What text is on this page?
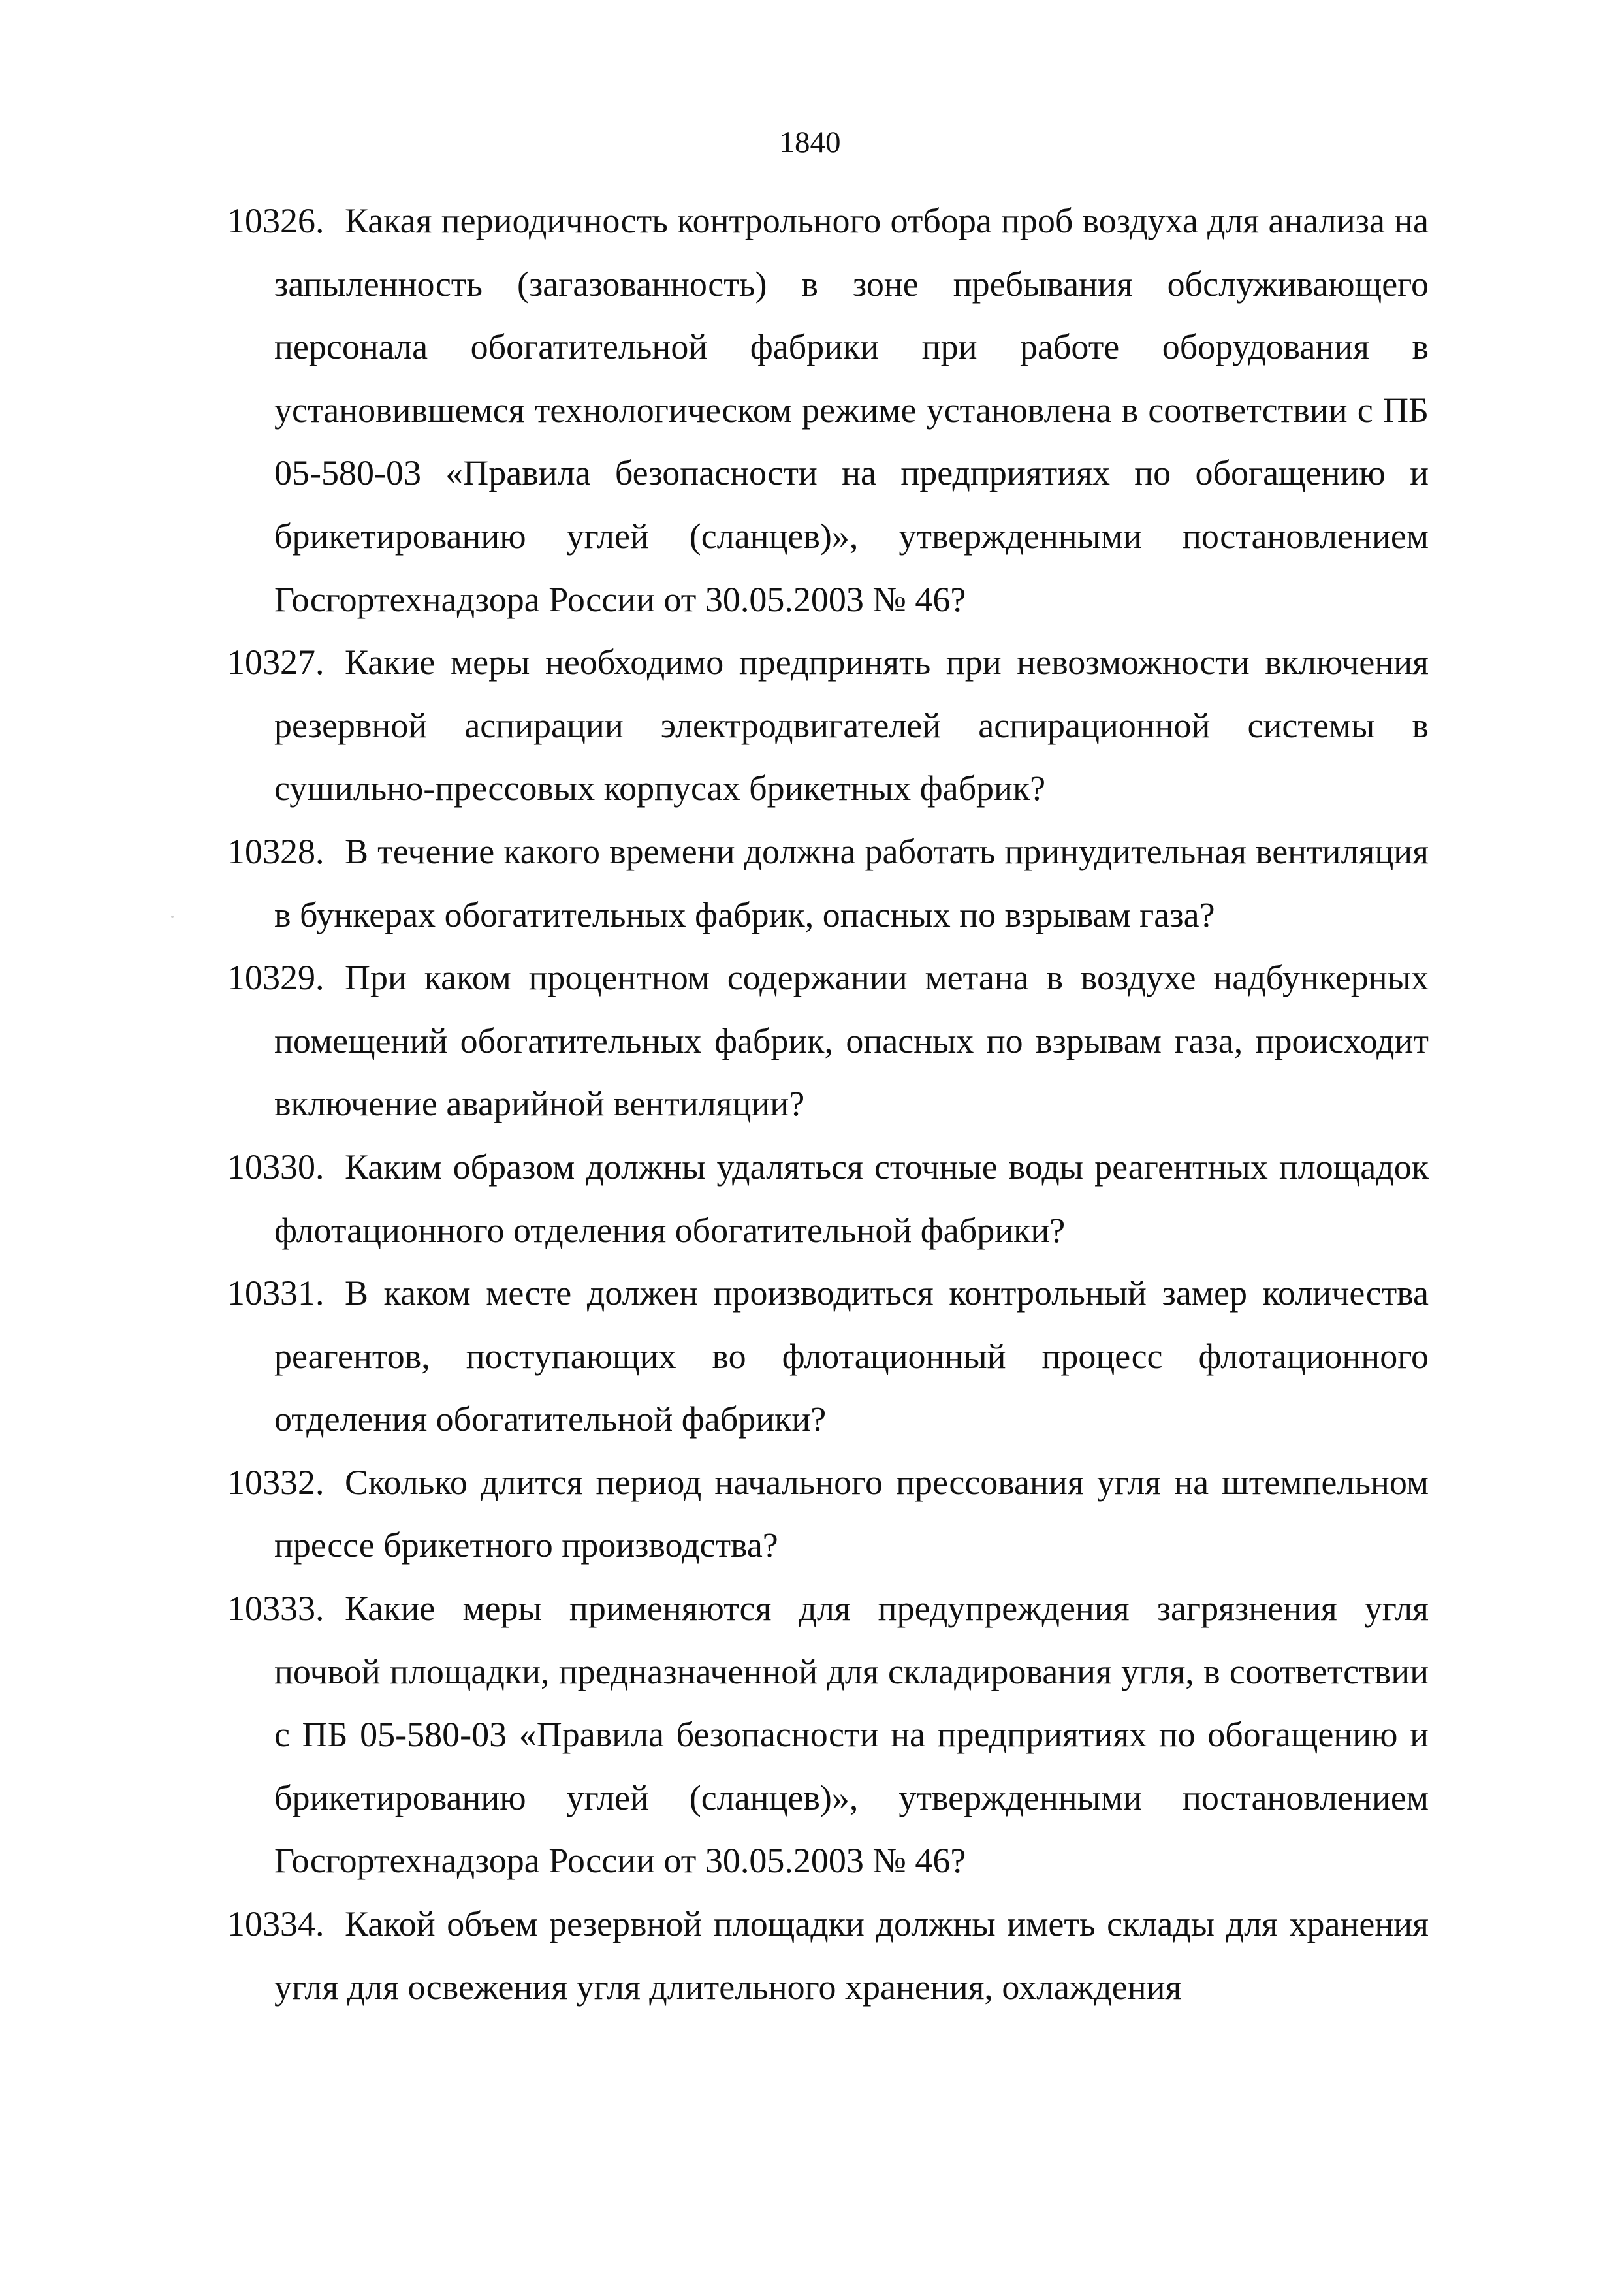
1840
10326. Какая периодичность контрольного отбора проб воздуха для анализа на запыленность (загазованность) в зоне пребывания обслуживающего персонала обогатительной фабрики при работе оборудования в установившемся технологическом режиме установлена в соответствии с ПБ 05-580-03 «Правила безопасности на предприятиях по обогащению и брикетированию углей (сланцев)», утвержденными постановлением Госгортехнадзора России от 30.05.2003 № 46?
10327. Какие меры необходимо предпринять при невозможности включения резервной аспирации электродвигателей аспирационной системы в сушильно-прессовых корпусах брикетных фабрик?
10328. В течение какого времени должна работать принудительная вентиляция в бункерах обогатительных фабрик, опасных по взрывам газа?
10329. При каком процентном содержании метана в воздухе надбункерных помещений обогатительных фабрик, опасных по взрывам газа, происходит включение аварийной вентиляции?
10330. Каким образом должны удаляться сточные воды реагентных площадок флотационного отделения обогатительной фабрики?
10331. В каком месте должен производиться контрольный замер количества реагентов, поступающих во флотационный процесс флотационного отделения обогатительной фабрики?
10332. Сколько длится период начального прессования угля на штемпельном прессе брикетного производства?
10333. Какие меры применяются для предупреждения загрязнения угля почвой площадки, предназначенной для складирования угля, в соответствии с ПБ 05-580-03 «Правила безопасности на предприятиях по обогащению и брикетированию углей (сланцев)», утвержденными постановлением Госгортехнадзора России от 30.05.2003 № 46?
10334. Какой объем резервной площадки должны иметь склады для хранения угля для освежения угля длительного хранения, охлаждения
